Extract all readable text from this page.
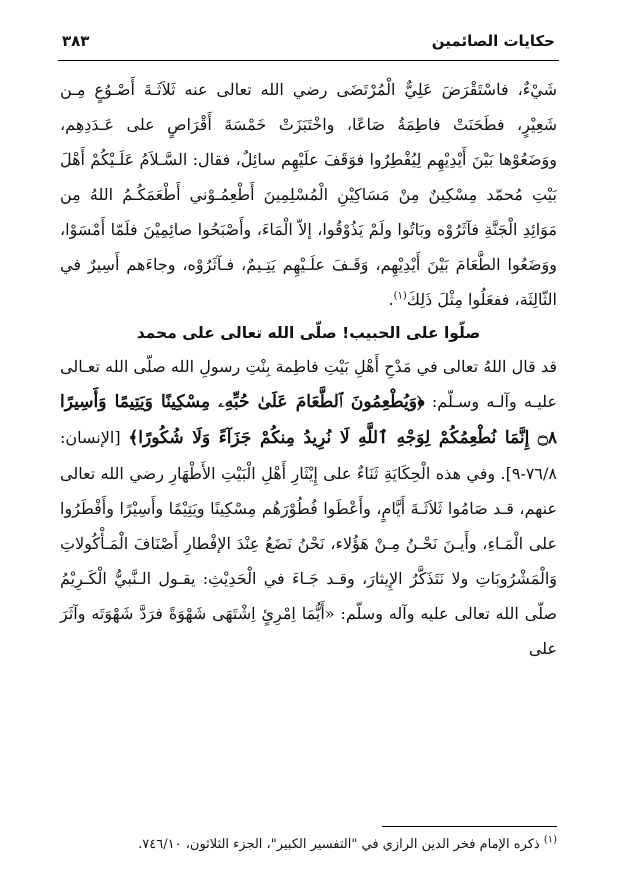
حكايات الصائمين
٣٨٣

شَيْءٌ، فاسْتَقْرَضَ عَلِيٌّ الْمُرْتَضَى رضي الله تعالى عنه ثَلاَثَـةَ أَصْـوُعٍ مِـن شَعِيْرٍ، فطَحَنَتْ فاطِمَةُ صَاعًا، واخْتَبَزَتْ خَمْسَةَ أَقْرَاصٍ على عَـدَدِهِم، ووَضَعُوْها بَيْنَ أَيْدِيْهِم لِيُفْطِرُوا فوَقَفَ علَيْهِم سائِلٌ، فقال: السَّـلاَمُ عَلَـيْكُمْ أَهْلَ بَيْتِ مُحمّد مِسْكِينٌ مِنْ مَسَاكِيْنِ الْمُسْلِمِينَ أَطْعِمُـوْني أَطْعَمَكُـمُ اللهُ مِن مَوَائِدِ الْجَنَّةِ فآثَرُوْه وبَاتُوا ولَمْ يَذُوْقُوا، إلاّ الْمَاءَ، وأَصْبَحُوا صائِمِيْنَ فلَمّا أَمْسَوْا، ووَضَعُوا الطَّعَامَ بَيْنَ أَيْدِيْهِم، وَقَـفَ علَـيْهِم يَتِـيمٌ، فـآثَرُوْه، وجاءَهم أَسِيرٌ في الثّالِثَة، ففعَلُوا مِثْلَ ذَلِكَ$^{(١)}$.

صلّوا على الحبيب! صلّى الله تعالى على محمد

قد قال اللهُ تعالى في مَدْحِ أَهْلِ بَيْتِ فاطِمة بِنْتِ رسولِ الله صلّى الله تعـالى عليـه وآلـه وسـلّم: ﴿وَيُطْعِمُونَ ٱلطَّعَامَ عَلَىٰ حُبِّهِۦ مِسْكِينًا وَيَتِيمًا وَأَسِيرًا ۝٨ إِنَّمَا نُطْعِمُكُمْ لِوَجْهِ ٱللَّهِ لَا نُرِيدُ مِنكُمْ جَزَآءً وَلَا شُكُورًا﴾ [الإنسان: ٧٦/٨-٩]. وفي هذه الْحِكَايَةِ ثَنَاءٌ على إِيْثَارِ أَهْلِ الْبَيْتِ الأَطْهَارِ رضي الله تعالى عنهم، قـد صَامُوا ثَلاَثَـةَ أَيَّامٍ، وأَعْطَوا فُطُوْرَهُم مِسْكِينًا ويَتِيْمًا وأَسِيْرًا وأَفْطَرُوا على الْمَـاءِ، وأَيـنَ نَحْـنُ مِـنْ هَؤُلاء، نَحْنُ نَضَعُ عِنْدَ الإفْطارِ أَصْنَافَ الْمَـأْكُولاتِ وَالْمَشْرُوبَاتِ ولا نَتَذَكَّرُ الإِيثارَ، وقـد جَـاءَ في الْحَدِيْثِ: يقـول الـنَّبيُّ الْكَـرِيْمُ صلّى الله تعالى عليه وآله وسلّم: «أَيُّمَا اِمْرِئٍ اِشْتَهَى شَهْوَةً فرَدَّ شَهْوَتَه وآثَرَ على

$^{(١)}$ ذكره الإمام فخر الدين الرازي في "التفسير الكبير"، الجزء الثلاثون، ٧٤٦/١٠.
